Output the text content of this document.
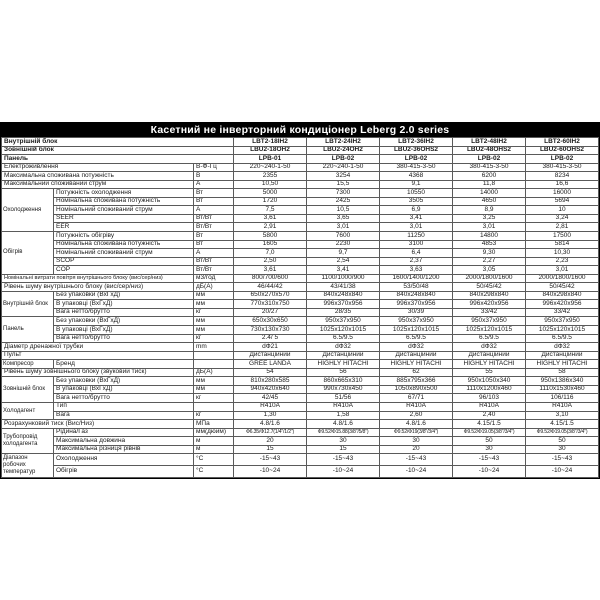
Касетний не інверторний кондиціонер Leberg 2.0 series
Внутрішній блок			LBT2-18IH2	LBT2-24IH2	LBT2-36IH2	LBT2-48IH2	LBT2-60IH2
Зовнішній блок			LBU2-18OH2	LBU2-24OH2	LBU2-36OHS2	LBU2-48OHS2	LBU2-60OHS2
Панель			LPB-01	LPB-02	LPB-02	LPB-02	LPB-02
Електроживлення		В-Ф-Гц	220~240-1-50	220~240-1-50	380-415-3-50	380-415-3-50	380-415-3-50
Максимальна споживана потужність		В	2355	3254	4368	6200	8234
Максимальний споживаний струм		А	10,50	15,5	9,1	11,8	16,6
Охолодження	Потужність охолодження	Вт	5000	7300	10550	14000	16000
	Номінальна споживана потужність	Вт	1720	2425	3505	4650	5694
	Номінальний споживаний струм	А	7,5	10,5	6,9	8,9	10
	SEER	Вт/Вт	3,61	3,65	3,41	3,25	3,24
	EER	Вт/Вт	2,91	3,01	3,01	3,01	2,81
Обігрів	Потужність обігріву	Вт	5800	7600	11250	14800	17500
	Номінальна споживана потужність	Вт	1605	2230	3100	4853	5814
	Номінальний споживаний струм	А	7,0	9,7	6,4	9,30	10,30
	SCOP	Вт/Вт	2,50	2,54	2,37	2,27	2,23
	COP	Вт/Вт	3,61	3,41	3,63	3,05	3,01
Номінальні витрати повітря внутрішнього блоку (вис/сер/низ)		м3/год	800/700/600	1100/1000/900	1600/1400/1200	2000/1800/1600	2000/1800/1600
Рівень шуму внутрішнього блоку (вис/сер/низ)		дБ(А)	46/44/42	43/41/38	53/50/48	50/45/42	50/45/42
Внутрішній блок	Без упаковки (ВхГхД)	мм	650x270x570	840x248x840	840x248x840	840x298x840	840x298x840
	В упаковці (ВхГхД)	мм	770x310x750	996x370x956	996x370x956	996x420x956	996x420x956
	Вага нетто/брутто	кг	20/27	28/35	30/39	33/42	33/42
Панель	Без упаковки (ВхГхД)	мм	650x30x650	950x37x950	950x37x950	950x37x950	950x37x950
	В упаковці (ВхГхД)	мм	730x130x730	1025x120x1015	1025x120x1015	1025x120x1015	1025x120x1015
	Вага нетто/брутто	кг	2.4/ 5	6.5/9.5	6.5/9.5	6.5/9.5	6.5/9.5
Діаметр дренажної трубки		mm	dФ21	dФ32	dФ32	dФ32	dФ32
Пульт			Дистанційний	Дистанційний	Дистанційний	Дистанційний	Дистанційний
Компресор	Бренд		GREE LANDA	HIGHLY HITACHI	HIGHLY HITACHI	HIGHLY HITACHI	HIGHLY HITACHI
Рівень шуму зовнішнього блоку (звуковий тиск)		дБ(А)	54	56	62	55	58
Зовнішній блок	Без упаковки (ВхГхД)	мм	810x280x585	860x665x310	885x795x366	950x1050x340	950x1386x340
	В упаковці (ВхГхД)	мм	940x420x640	990x730x450	1050x890x500	1110x1200x460	1110x1530x460
	Вага нетто/брутто	кг	42/45	51/56	67/71	96/103	106/116
Холодагент	Тип		R410A	R410A	R410A	R410A	R410A
	Вага	кг	1,30	1,58	2,60	2,40	3,10
Розрахунковий тиск (Вис/Низ)		МПа	4.8/1.6	4.8/1.6	4.8/1.6	4.15/1.5	4.15/1.5
Трубопровід холодагента	Рідина/Газ	мм(дюйм)	Ф6.35/Ф12.7(1/4"/1/2")	Ф9.52/Ф15.88(3/8"/5/8")	Ф9.52/Ф19(3/8"/3/4")	Ф9.52/Ф19.05(3/8"/3/4")	Ф9.52/Ф19.05(3/8"/3/4")
	Максимальна довжина	м	20	30	30	50	50
	Максимальна різниця рівнів	м	15	15	20	30	30
Діапазон робочих температур	Охолодження	°С	-15~43	-15~43	-15~43	-15~43	-15~43
	Обігрів	°С	-10~24	-10~24	-10~24	-10~24	-10~24
